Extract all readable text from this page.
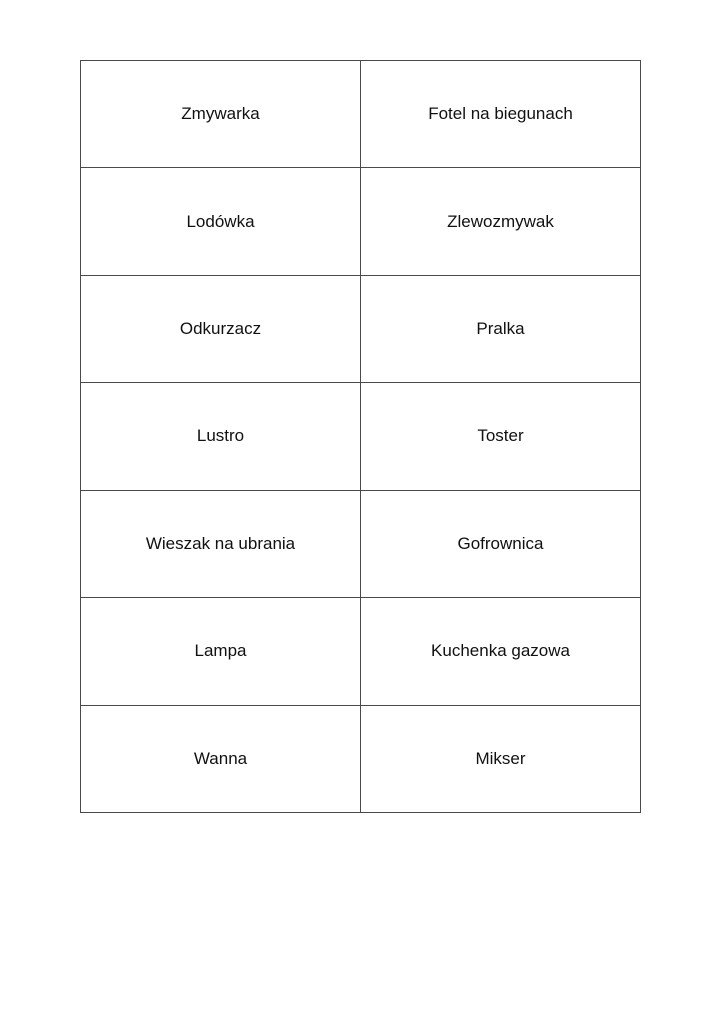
Zmywarka	Fotel na biegunach
Lodówka	Zlewozmywak
Odkurzacz	Pralka
Lustro	Toster
Wieszak na ubrania	Gofrownica
Lampa	Kuchenka gazowa
Wanna	Mikser
